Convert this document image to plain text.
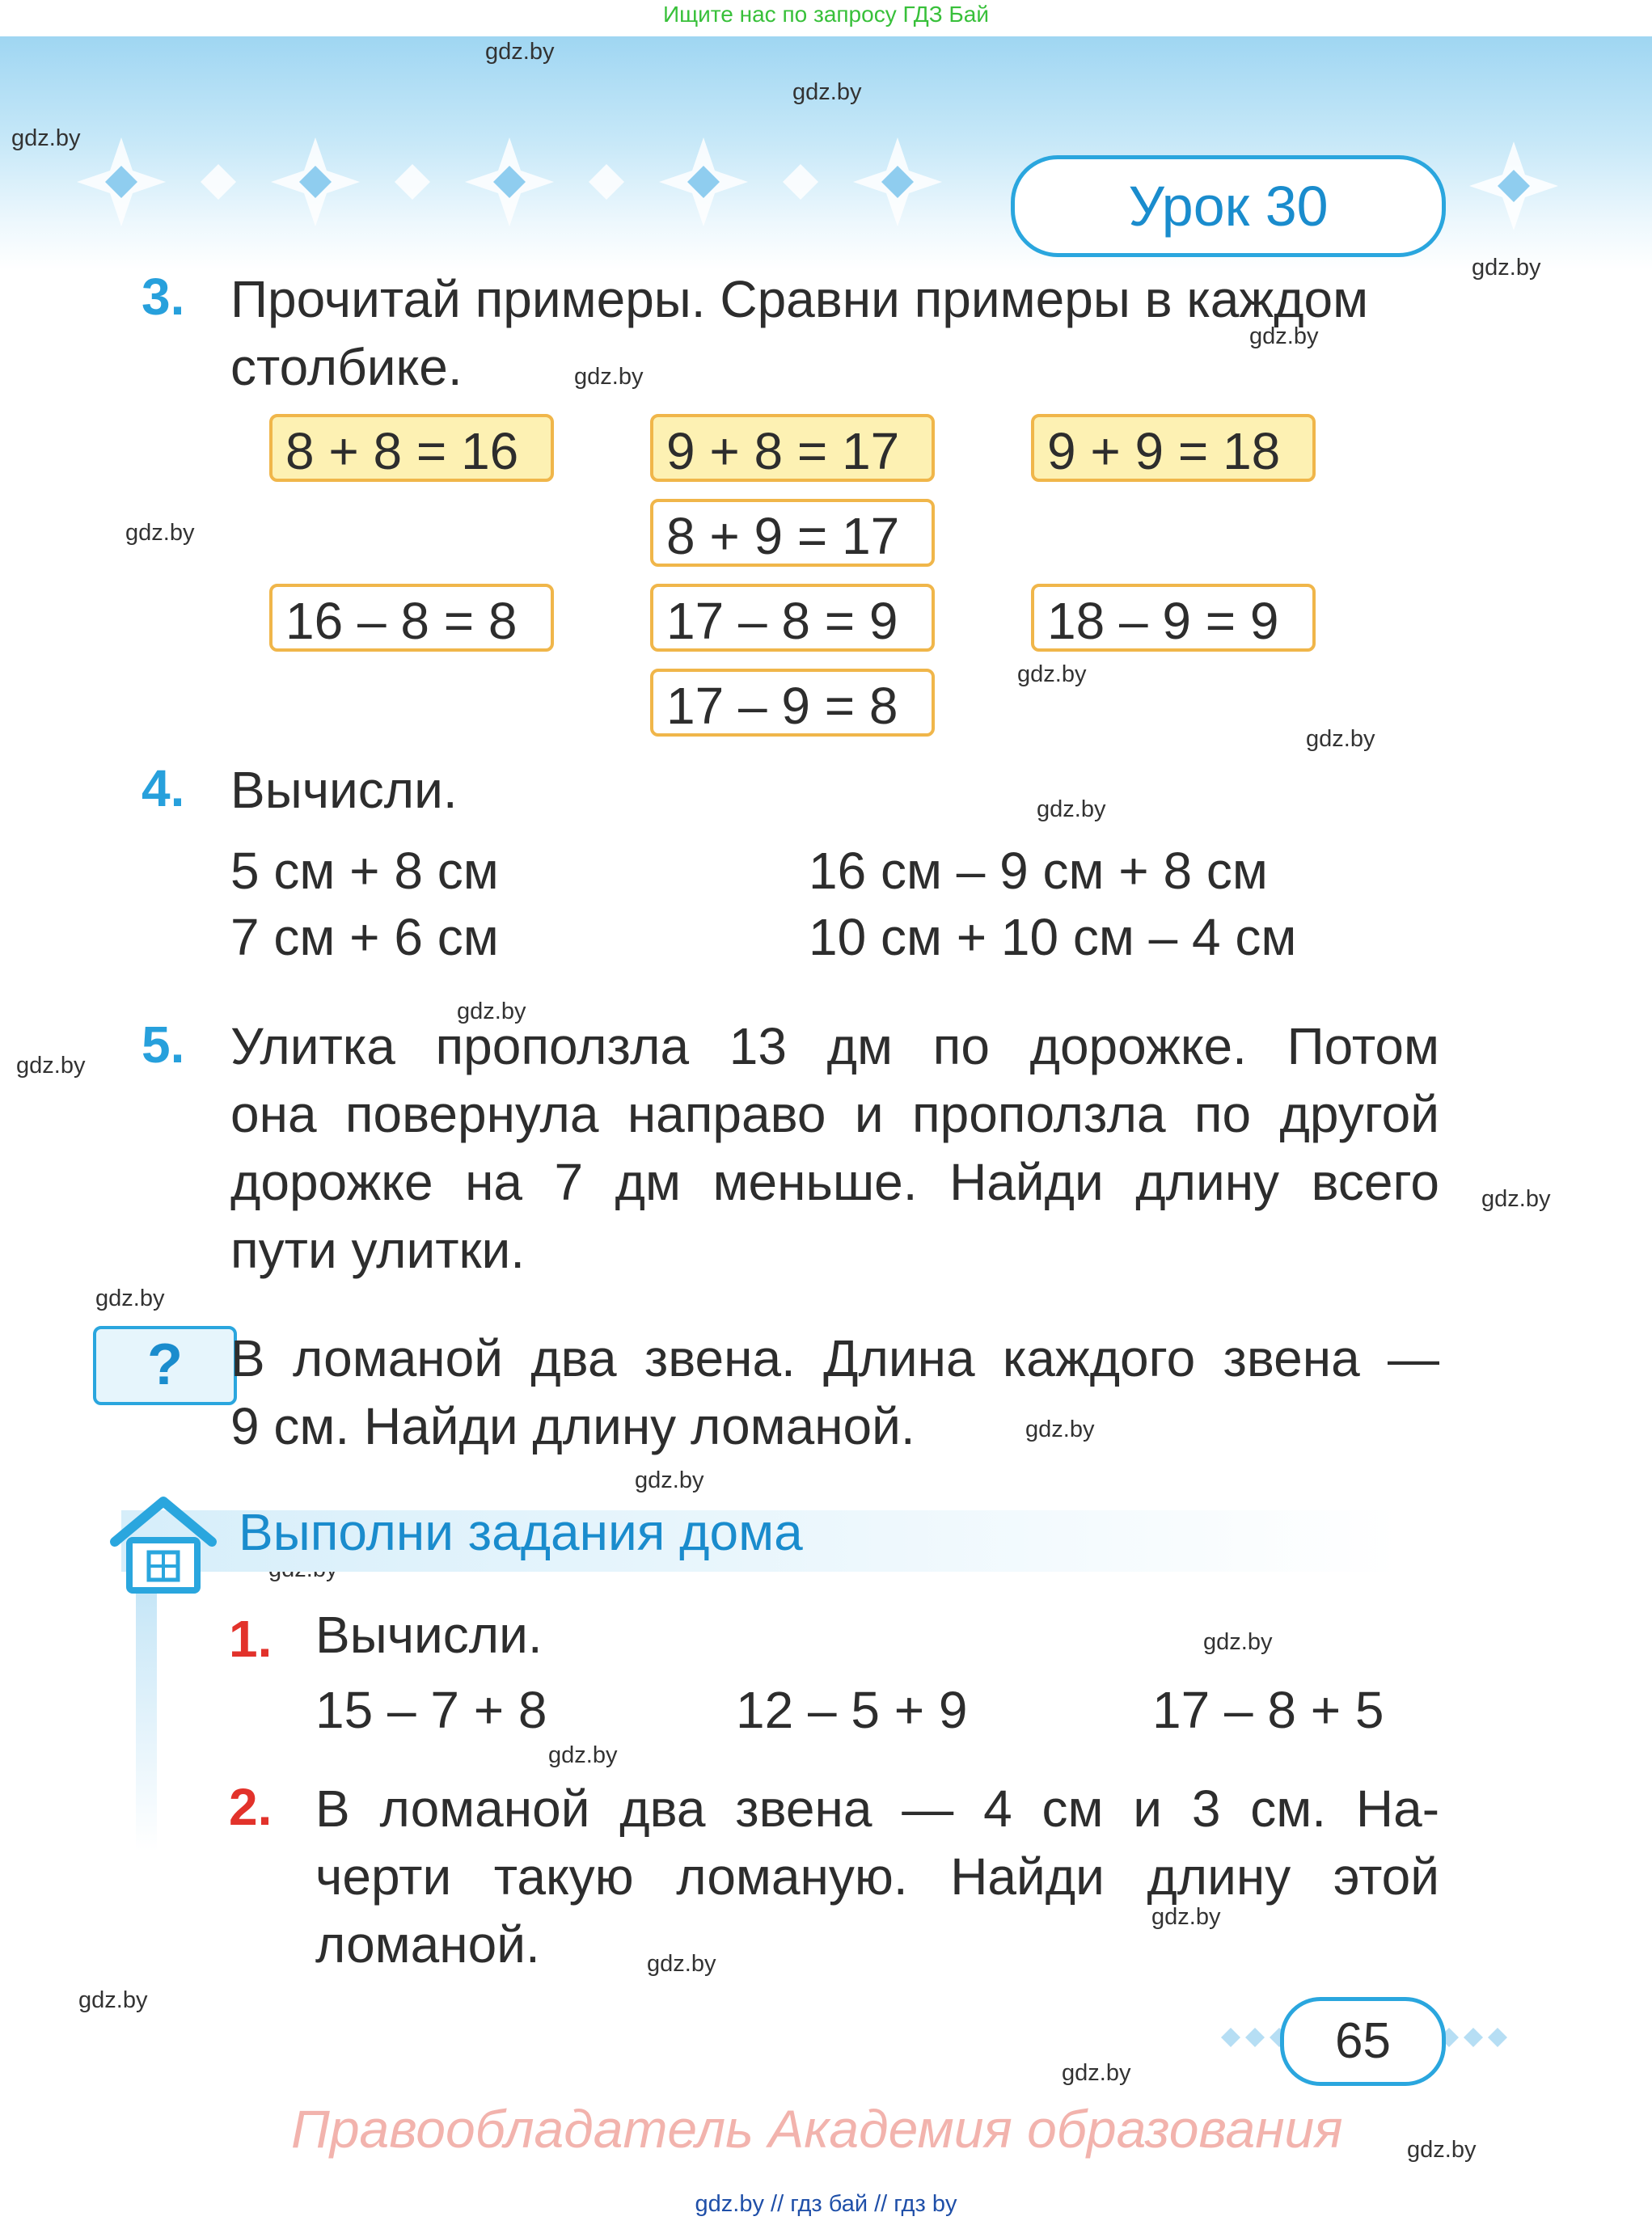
Ищите нас по запросу ГДЗ Бай
Урок 30
gdz.by
gdz.by
gdz.by
gdz.by
gdz.by
gdz.by
gdz.by
gdz.by
gdz.by
gdz.by
gdz.by
gdz.by
gdz.by
gdz.by
gdz.by
gdz.by
gdz.by
gdz.by
gdz.by
gdz.by
gdz.by
gdz.by
gdz.by
3. Прочитай примеры. Сравни примеры в каждом
столбике.
8 + 8 = 16
16 – 8 = 8
9 + 8 = 17
8 + 9 = 17
17 – 8 = 9
17 – 9 = 8
9 + 9 = 18
18 – 9 = 9
4. Вычисли.
5 см + 8 см
7 см + 6 см
16 см – 9 см + 8 см
10 см + 10 см – 4 см
5. Улитка проползла 13 дм по дорожке. Потом
она повернула направо и проползла по другой
дорожке на 7 дм меньше. Найди длину всего
пути улитки.
? В ломаной два звена. Длина каждого звена —
9 см. Найди длину ломаной.
Выполни задания дома
1. Вычисли.
15 – 7 + 8	12 – 5 + 9	17 – 8 + 5
2. В ломаной два звена — 4 см и 3 см. На-
черти такую ломаную. Найди длину этой
ломаной.
65
Правообладатель Академия образования
gdz.by // гдз бай // гдз by
